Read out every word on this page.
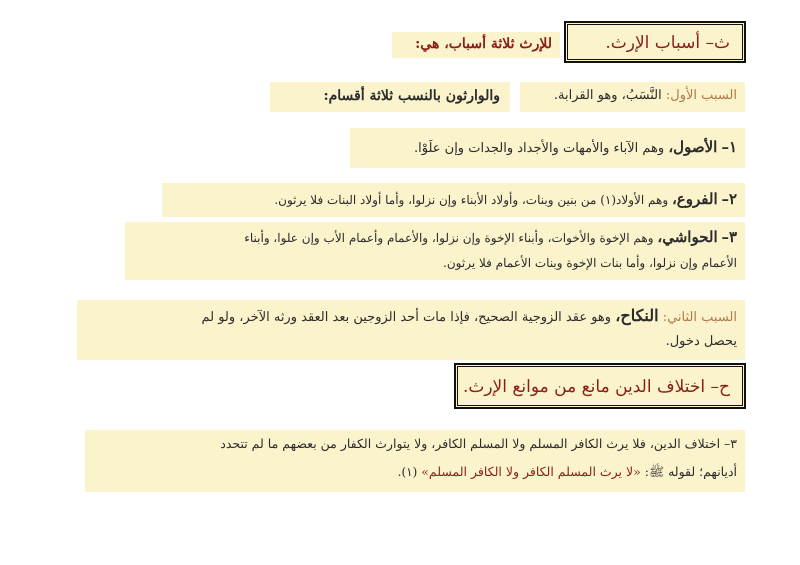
ث– أسباب الإرث.
للإرث ثلاثة أسباب، هي:
السبب الأول: النَّسَبُ، وهو القرابة.
والوارثون بالنسب ثلاثة أقسام:
١– الأصول، وهم الآباء والأمهات والأجداد والجدات وإن علَوْا.
٢– الفروع، وهم الأولاد(١) من بنين وبنات، وأولاد الأبناء وإن نزلوا، وأما أولاد البنات فلا يرثون.
٣– الحواشي، وهم الإخوة والأخوات، وأبناء الإخوة وإن نزلوا، والأعمام وأعمام الأب وإن علوا، وأبناء
الأعمام وإن نزلوا، وأما بنات الإخوة وبنات الأعمام فلا يرثون.
السبب الثاني: النكاح، وهو عقد الزوجية الصحيح، فإذا مات أحد الزوجين بعد العقد ورثه الآخر، ولو لم
يحصل دخول.
ح– اختلاف الدين مانع من موانع الإرث.
٣– اختلاف الدين، فلا يرث الكافر المسلم ولا المسلم الكافر، ولا يتوارث الكفار من بعضهم ما لم تتحدد
أديانهم؛ لقوله ﷺ: «لا يرث المسلم الكافر ولا الكافر المسلم» (١).
